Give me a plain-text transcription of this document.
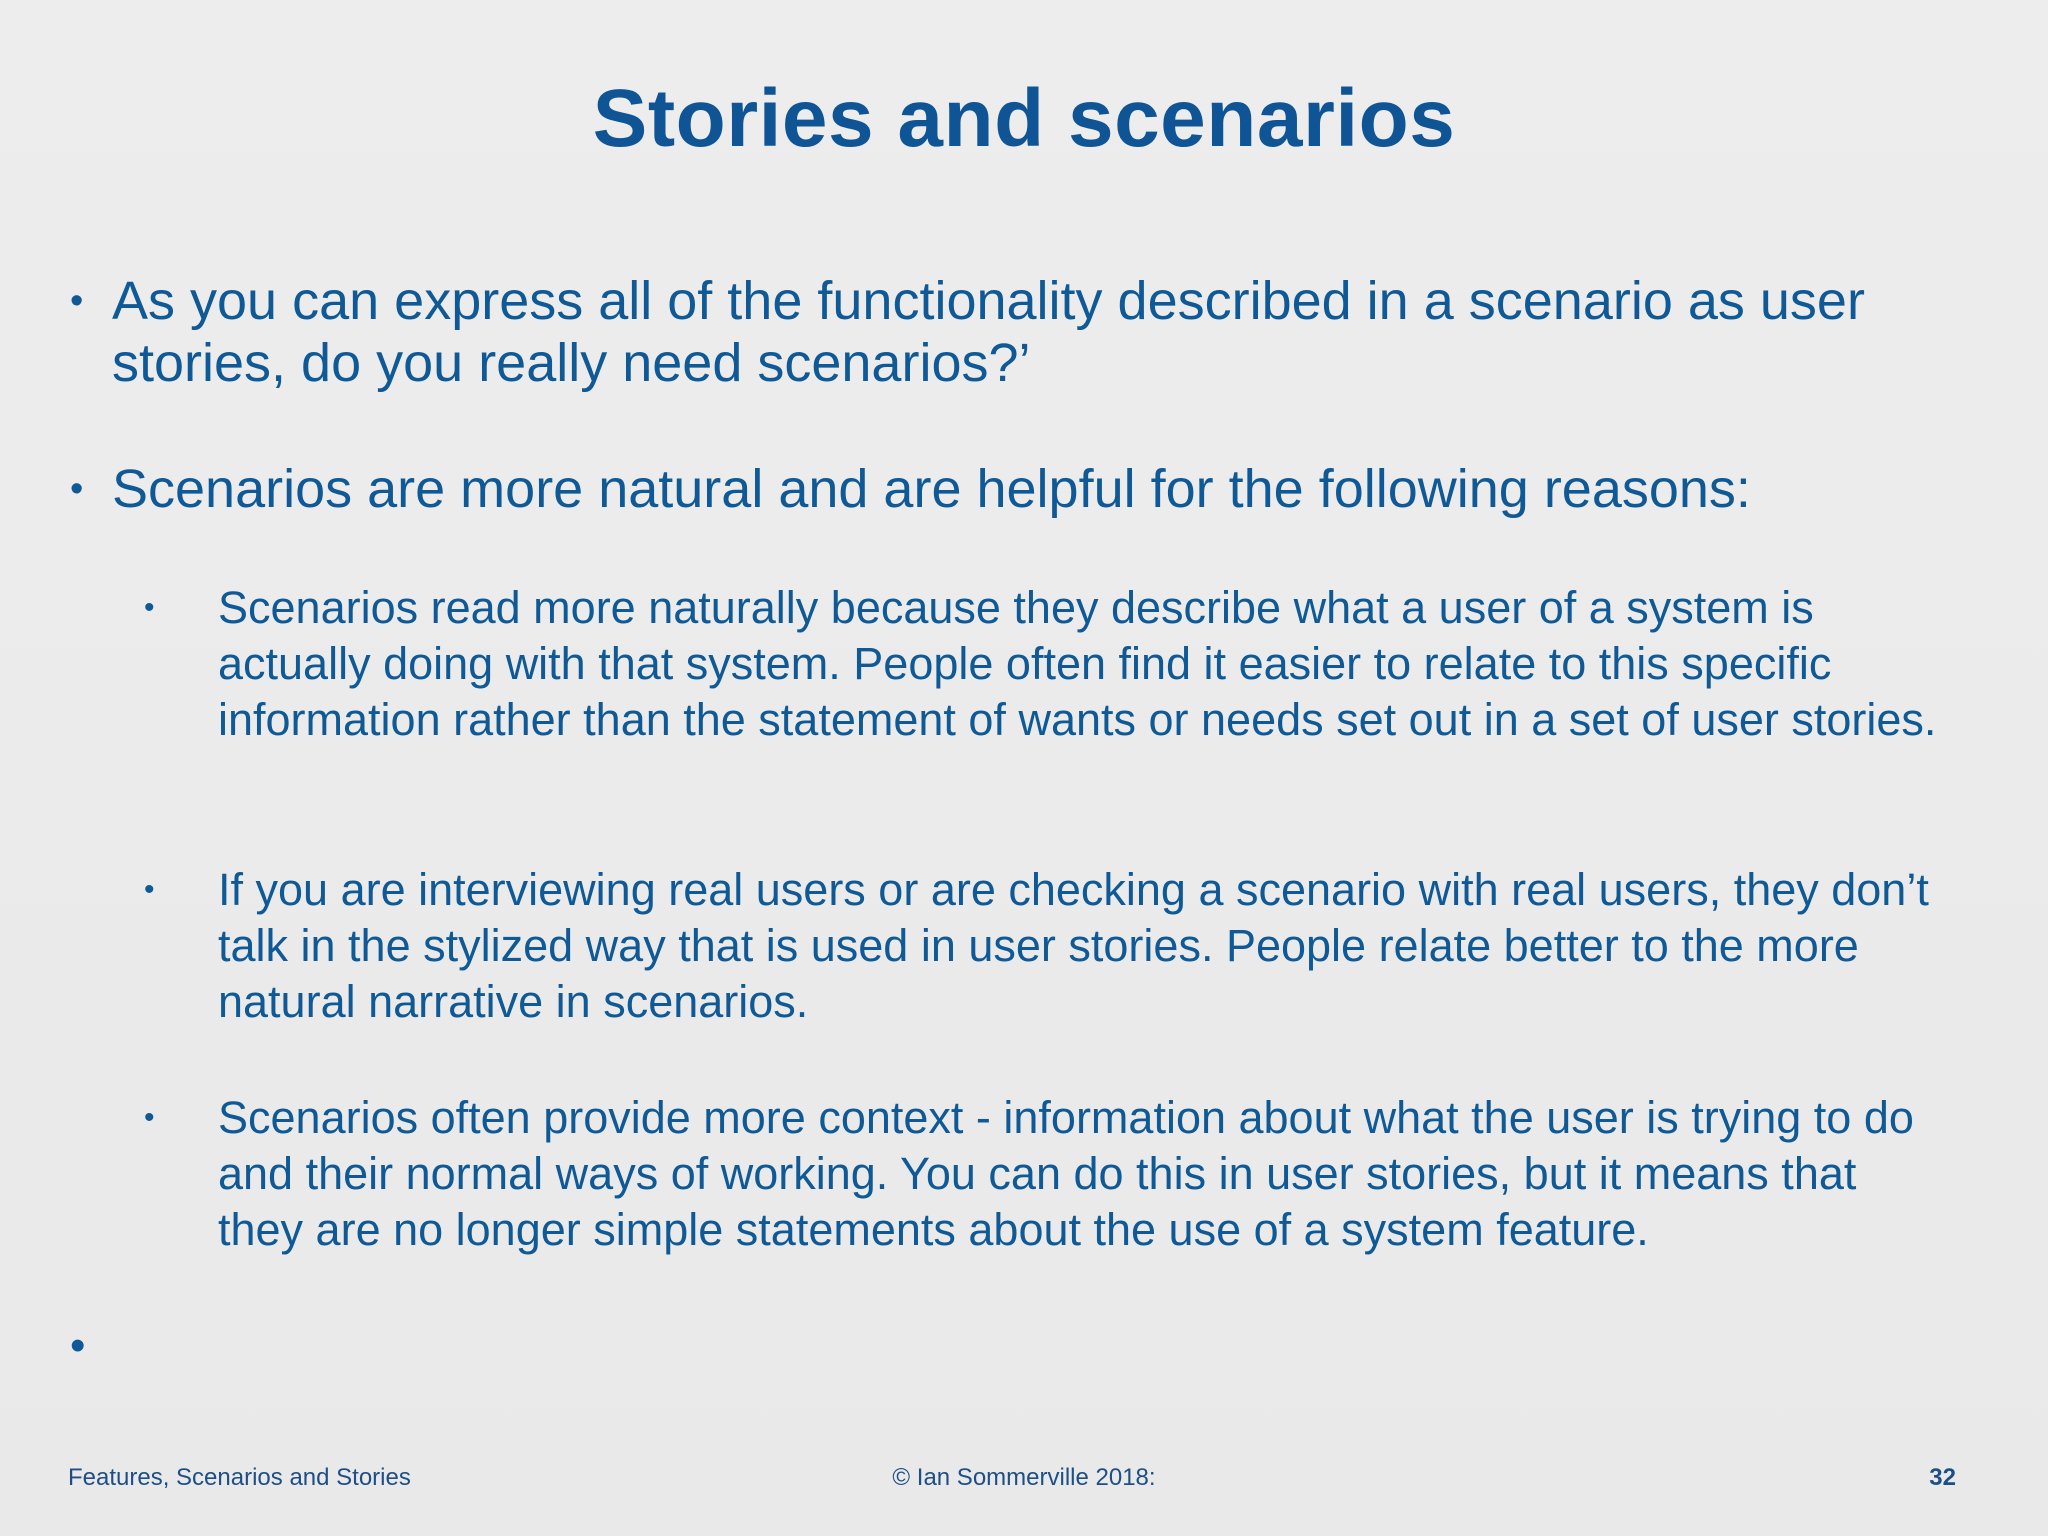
Stories and scenarios
• As you can express all of the functionality described in a scenario as user stories, do you really need scenarios?’
• Scenarios are more natural and are helpful for the following reasons:
•	Scenarios read more naturally because they describe what a user of a system is actually doing with that system. People often find it easier to relate to this specific information rather than the statement of wants or needs set out in a set of user stories.
•	If you are interviewing real users or are checking a scenario with real users, they don’t talk in the stylized way that is used in user stories. People relate better to the more natural narrative in scenarios.
•	Scenarios often provide more context - information about what the user is trying to do and their normal ways of working. You can do this in user stories, but it means that they are no longer simple statements about the use of a system feature.
•
Features, Scenarios and Stories	© Ian Sommerville 2018:	32
